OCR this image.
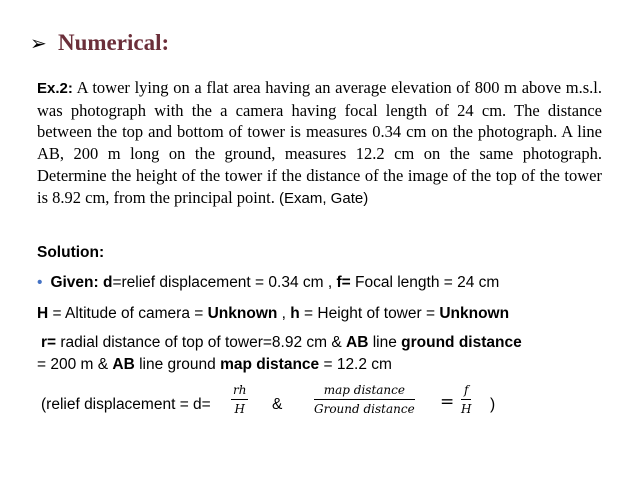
➢ Numerical:
Ex.2: A tower lying on a flat area having an average elevation of 800 m above m.s.l. was photograph with the a camera having focal length of 24 cm. The distance between the top and bottom of tower is measures 0.34 cm on the photograph. A line AB, 200 m long on the ground, measures 12.2 cm on the same photograph. Determine the height of the tower if the distance of the image of the top of the tower is 8.92 cm, from the principal point. (Exam, Gate)
Solution:
• Given: d=relief displacement = 0.34 cm , f= Focal length = 24 cm
H = Altitude of camera = Unknown , h = Height of tower = Unknown
r= radial distance of top of tower=8.92 cm & AB line ground distance
= 200 m & AB line ground map distance = 12.2 cm
(relief displacement = d=
rh
H &
map distance
Ground distance =
f
H )
